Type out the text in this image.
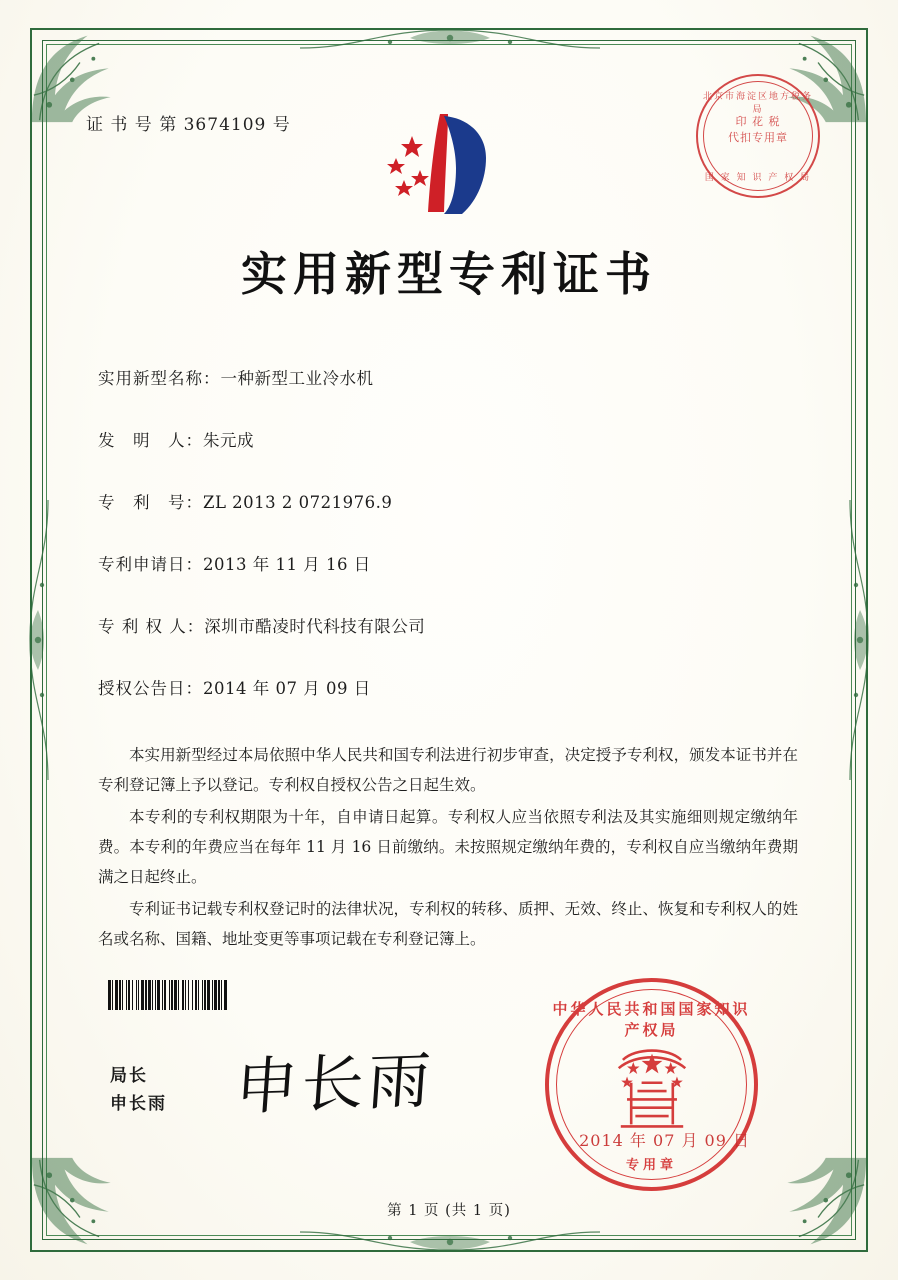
证 书 号 第 3674109 号
北京市海淀区地方税务局
印 花 税
代扣专用章
国 家 知 识 产 权 局
实用新型专利证书
实用新型名称：一种新型工业冷水机
发　明　人：朱元成
专　利　号：ZL 2013 2 0721976.9
专利申请日：2013 年 11 月 16 日
专 利 权 人：深圳市酷凌时代科技有限公司
授权公告日：2014 年 07 月 09 日

本实用新型经过本局依照中华人民共和国专利法进行初步审查，决定授予专利权，颁发本证书并在专利登记簿上予以登记。专利权自授权公告之日起生效。

本专利的专利权期限为十年，自申请日起算。专利权人应当依照专利法及其实施细则规定缴纳年费。本专利的年费应当在每年 11 月 16 日前缴纳。未按照规定缴纳年费的，专利权自应当缴纳年费期满之日起终止。

专利证书记载专利权登记时的法律状况，专利权的转移、质押、无效、终止、恢复和专利权人的姓名或名称、国籍、地址变更等事项记载在专利登记簿上。

局长
申长雨 申长雨
中华人民共和国国家知识产权局
专用章
2014 年 07 月 09 日
第 1 页 (共 1 页)
